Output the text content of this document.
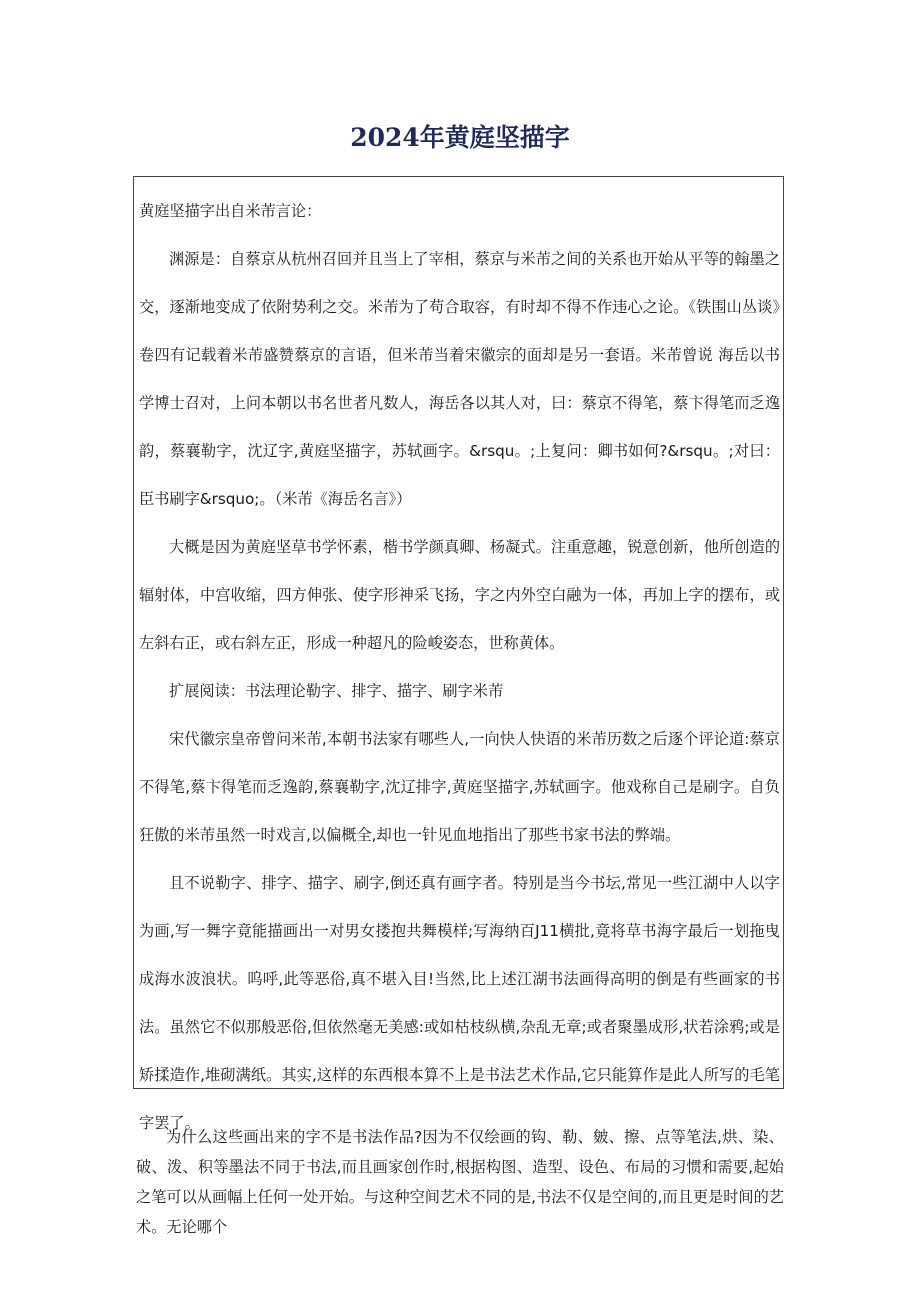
2024年黄庭坚描字

黄庭坚描字出自米芾言论：

渊源是：自蔡京从杭州召回并且当上了宰相，蔡京与米芾之间的关系也开始从平等的翰墨之交，逐渐地变成了依附势利之交。米芾为了苟合取容，有时却不得不作违心之论。《铁围山丛谈》卷四有记载着米芾盛赞蔡京的言语，但米芾当着宋徽宗的面却是另一套语。米芾曾说 海岳以书学博士召对，上问本朝以书名世者凡数人，海岳各以其人对，曰：蔡京不得笔，蔡卞得笔而乏逸韵，蔡襄勒字，沈辽字,黄庭坚描字，苏轼画字。&rsqu。;上复问：卿书如何?&rsqu。;对曰：臣书刷字&rsquo;。（米芾《海岳名言》）

大概是因为黄庭坚草书学怀素，楷书学颜真卿、杨凝式。注重意趣，锐意创新，他所创造的辐射体，中宫收缩，四方伸张、使字形神采飞扬，字之内外空白融为一体，再加上字的摆布，或左斜右正，或右斜左正，形成一种超凡的险峻姿态，世称黄体。

扩展阅读：书法理论勒字、排字、描字、刷字米芾

宋代徽宗皇帝曾问米芾,本朝书法家有哪些人,一向快人快语的米芾历数之后逐个评论道:蔡京不得笔,蔡卞得笔而乏逸韵,蔡襄勒字,沈辽排字,黄庭坚描字,苏轼画字。他戏称自己是刷字。自负狂傲的米芾虽然一时戏言,以偏概全,却也一针见血地指出了那些书家书法的弊端。

且不说勒字、排字、描字、刷字,倒还真有画字者。特别是当今书坛,常见一些江湖中人以字为画,写一舞字竟能描画出一对男女搂抱共舞模样;写海纳百J11横批,竟将草书海字最后一划拖曳成海水波浪状。呜呼,此等恶俗,真不堪入目!当然,比上述江湖书法画得高明的倒是有些画家的书法。虽然它不似那般恶俗,但依然毫无美感:或如枯枝纵横,杂乱无章;或者聚墨成形,状若涂鸦;或是矫揉造作,堆砌满纸。其实,这样的东西根本算不上是书法艺术作品,它只能算作是此人所写的毛笔字罢了。

为什么这些画出来的字不是书法作品?因为不仅绘画的钩、勒、皴、擦、点等笔法,烘、染、破、泼、积等墨法不同于书法,而且画家创作时,根据构图、造型、设色、布局的习惯和需要,起始之笔可以从画幅上任何一处开始。与这种空间艺术不同的是,书法不仅是空间的,而且更是时间的艺术。无论哪个
